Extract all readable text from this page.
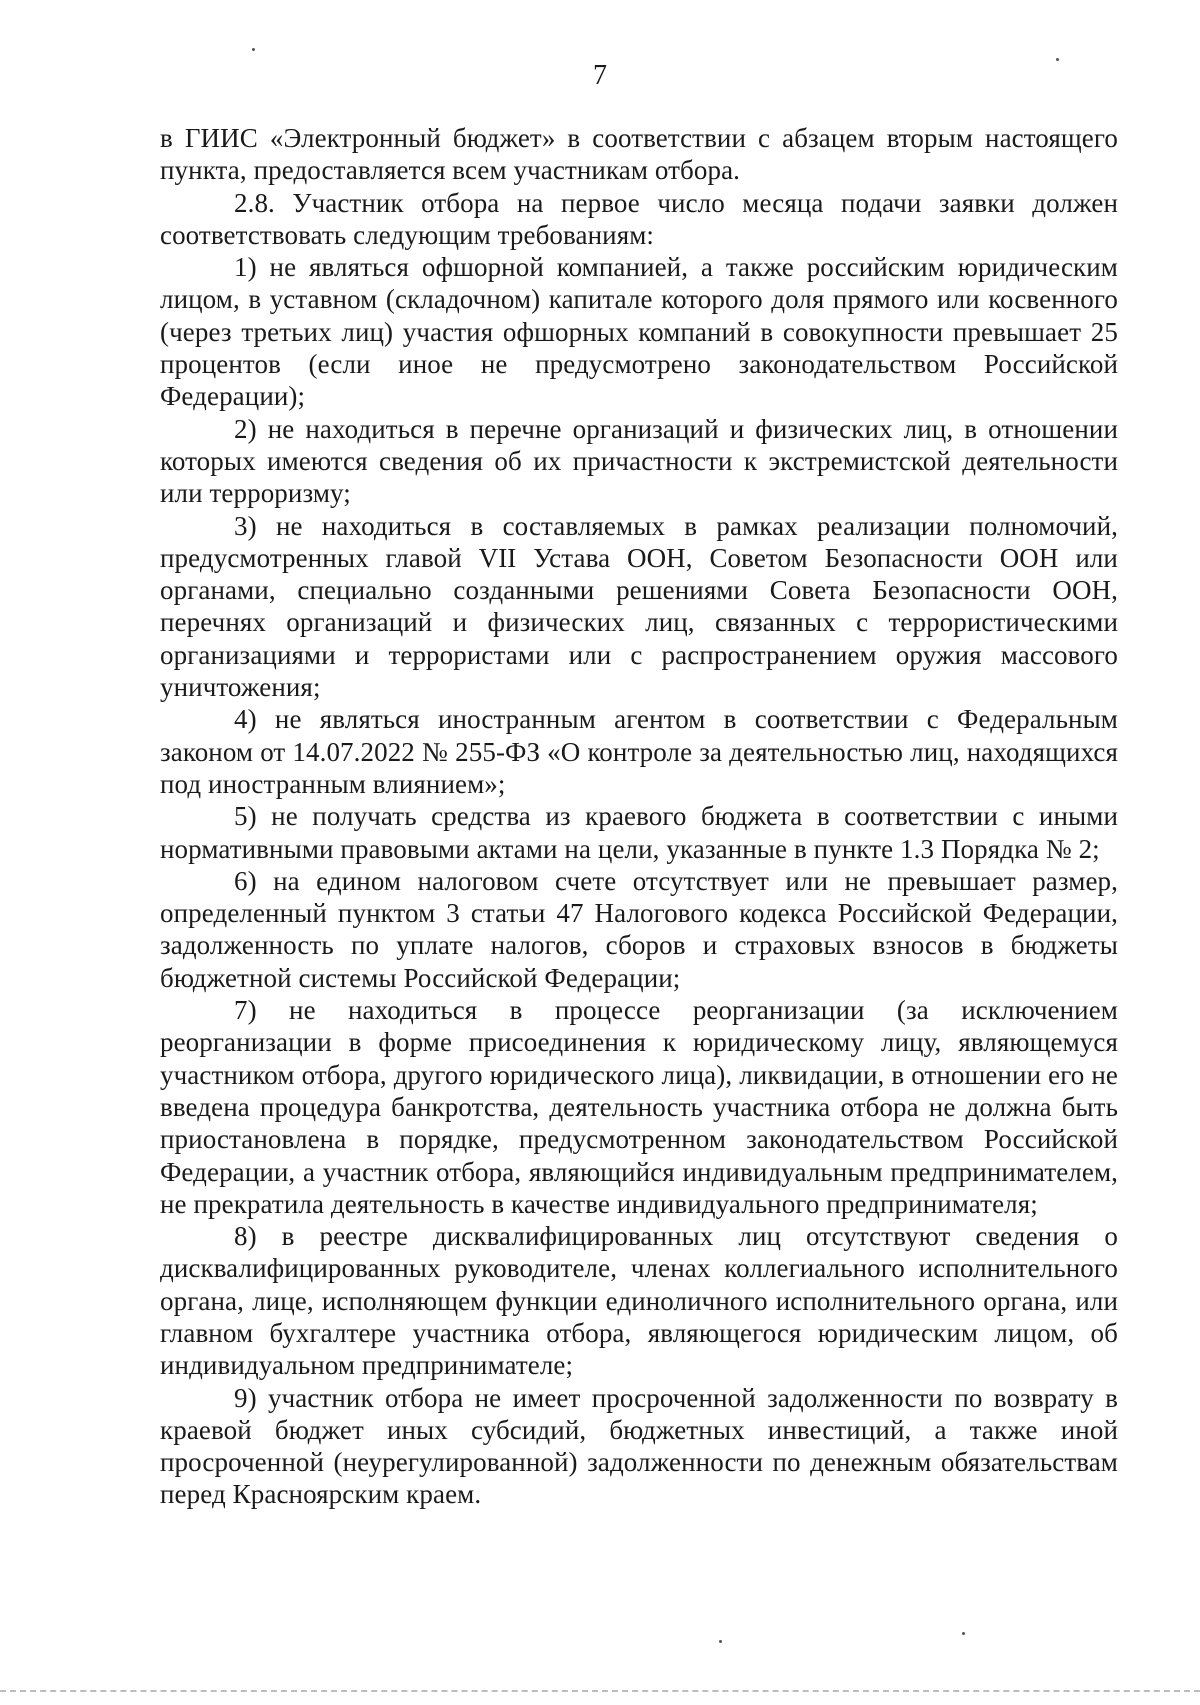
7

в ГИИС «Электронный бюджет» в соответствии с абзацем вторым настоящего пункта, предоставляется всем участникам отбора.

2.8. Участник отбора на первое число месяца подачи заявки должен соответствовать следующим требованиям:

1) не являться офшорной компанией, а также российским юридическим лицом, в уставном (складочном) капитале которого доля прямого или косвенного (через третьих лиц) участия офшорных компаний в совокупности превышает 25 процентов (если иное не предусмотрено законодательством Российской Федерации);

2) не находиться в перечне организаций и физических лиц, в отношении которых имеются сведения об их причастности к экстремистской деятельности или терроризму;

3) не находиться в составляемых в рамках реализации полномочий, предусмотренных главой VII Устава ООН, Советом Безопасности ООН или органами, специально созданными решениями Совета Безопасности ООН, перечнях организаций и физических лиц, связанных с террористическими организациями и террористами или с распространением оружия массового уничтожения;

4) не являться иностранным агентом в соответствии с Федеральным законом от 14.07.2022 № 255-ФЗ «О контроле за деятельностью лиц, находящихся под иностранным влиянием»;

5) не получать средства из краевого бюджета в соответствии с иными нормативными правовыми актами на цели, указанные в пункте 1.3 Порядка № 2;

6) на едином налоговом счете отсутствует или не превышает размер, определенный пунктом 3 статьи 47 Налогового кодекса Российской Федерации, задолженность по уплате налогов, сборов и страховых взносов в бюджеты бюджетной системы Российской Федерации;

7) не находиться в процессе реорганизации (за исключением реорганизации в форме присоединения к юридическому лицу, являющемуся участником отбора, другого юридического лица), ликвидации, в отношении его не введена процедура банкротства, деятельность участника отбора не должна быть приостановлена в порядке, предусмотренном законодательством Российской Федерации, а участник отбора, являющийся индивидуальным предпринимателем, не прекратила деятельность в качестве индивидуального предпринимателя;

8) в реестре дисквалифицированных лиц отсутствуют сведения о дисквалифицированных руководителе, членах коллегиального исполнительного органа, лице, исполняющем функции единоличного исполнительного органа, или главном бухгалтере участника отбора, являющегося юридическим лицом, об индивидуальном предпринимателе;

9) участник отбора не имеет просроченной задолженности по возврату в краевой бюджет иных субсидий, бюджетных инвестиций, а также иной просроченной (неурегулированной) задолженности по денежным обязательствам перед Красноярским краем.
